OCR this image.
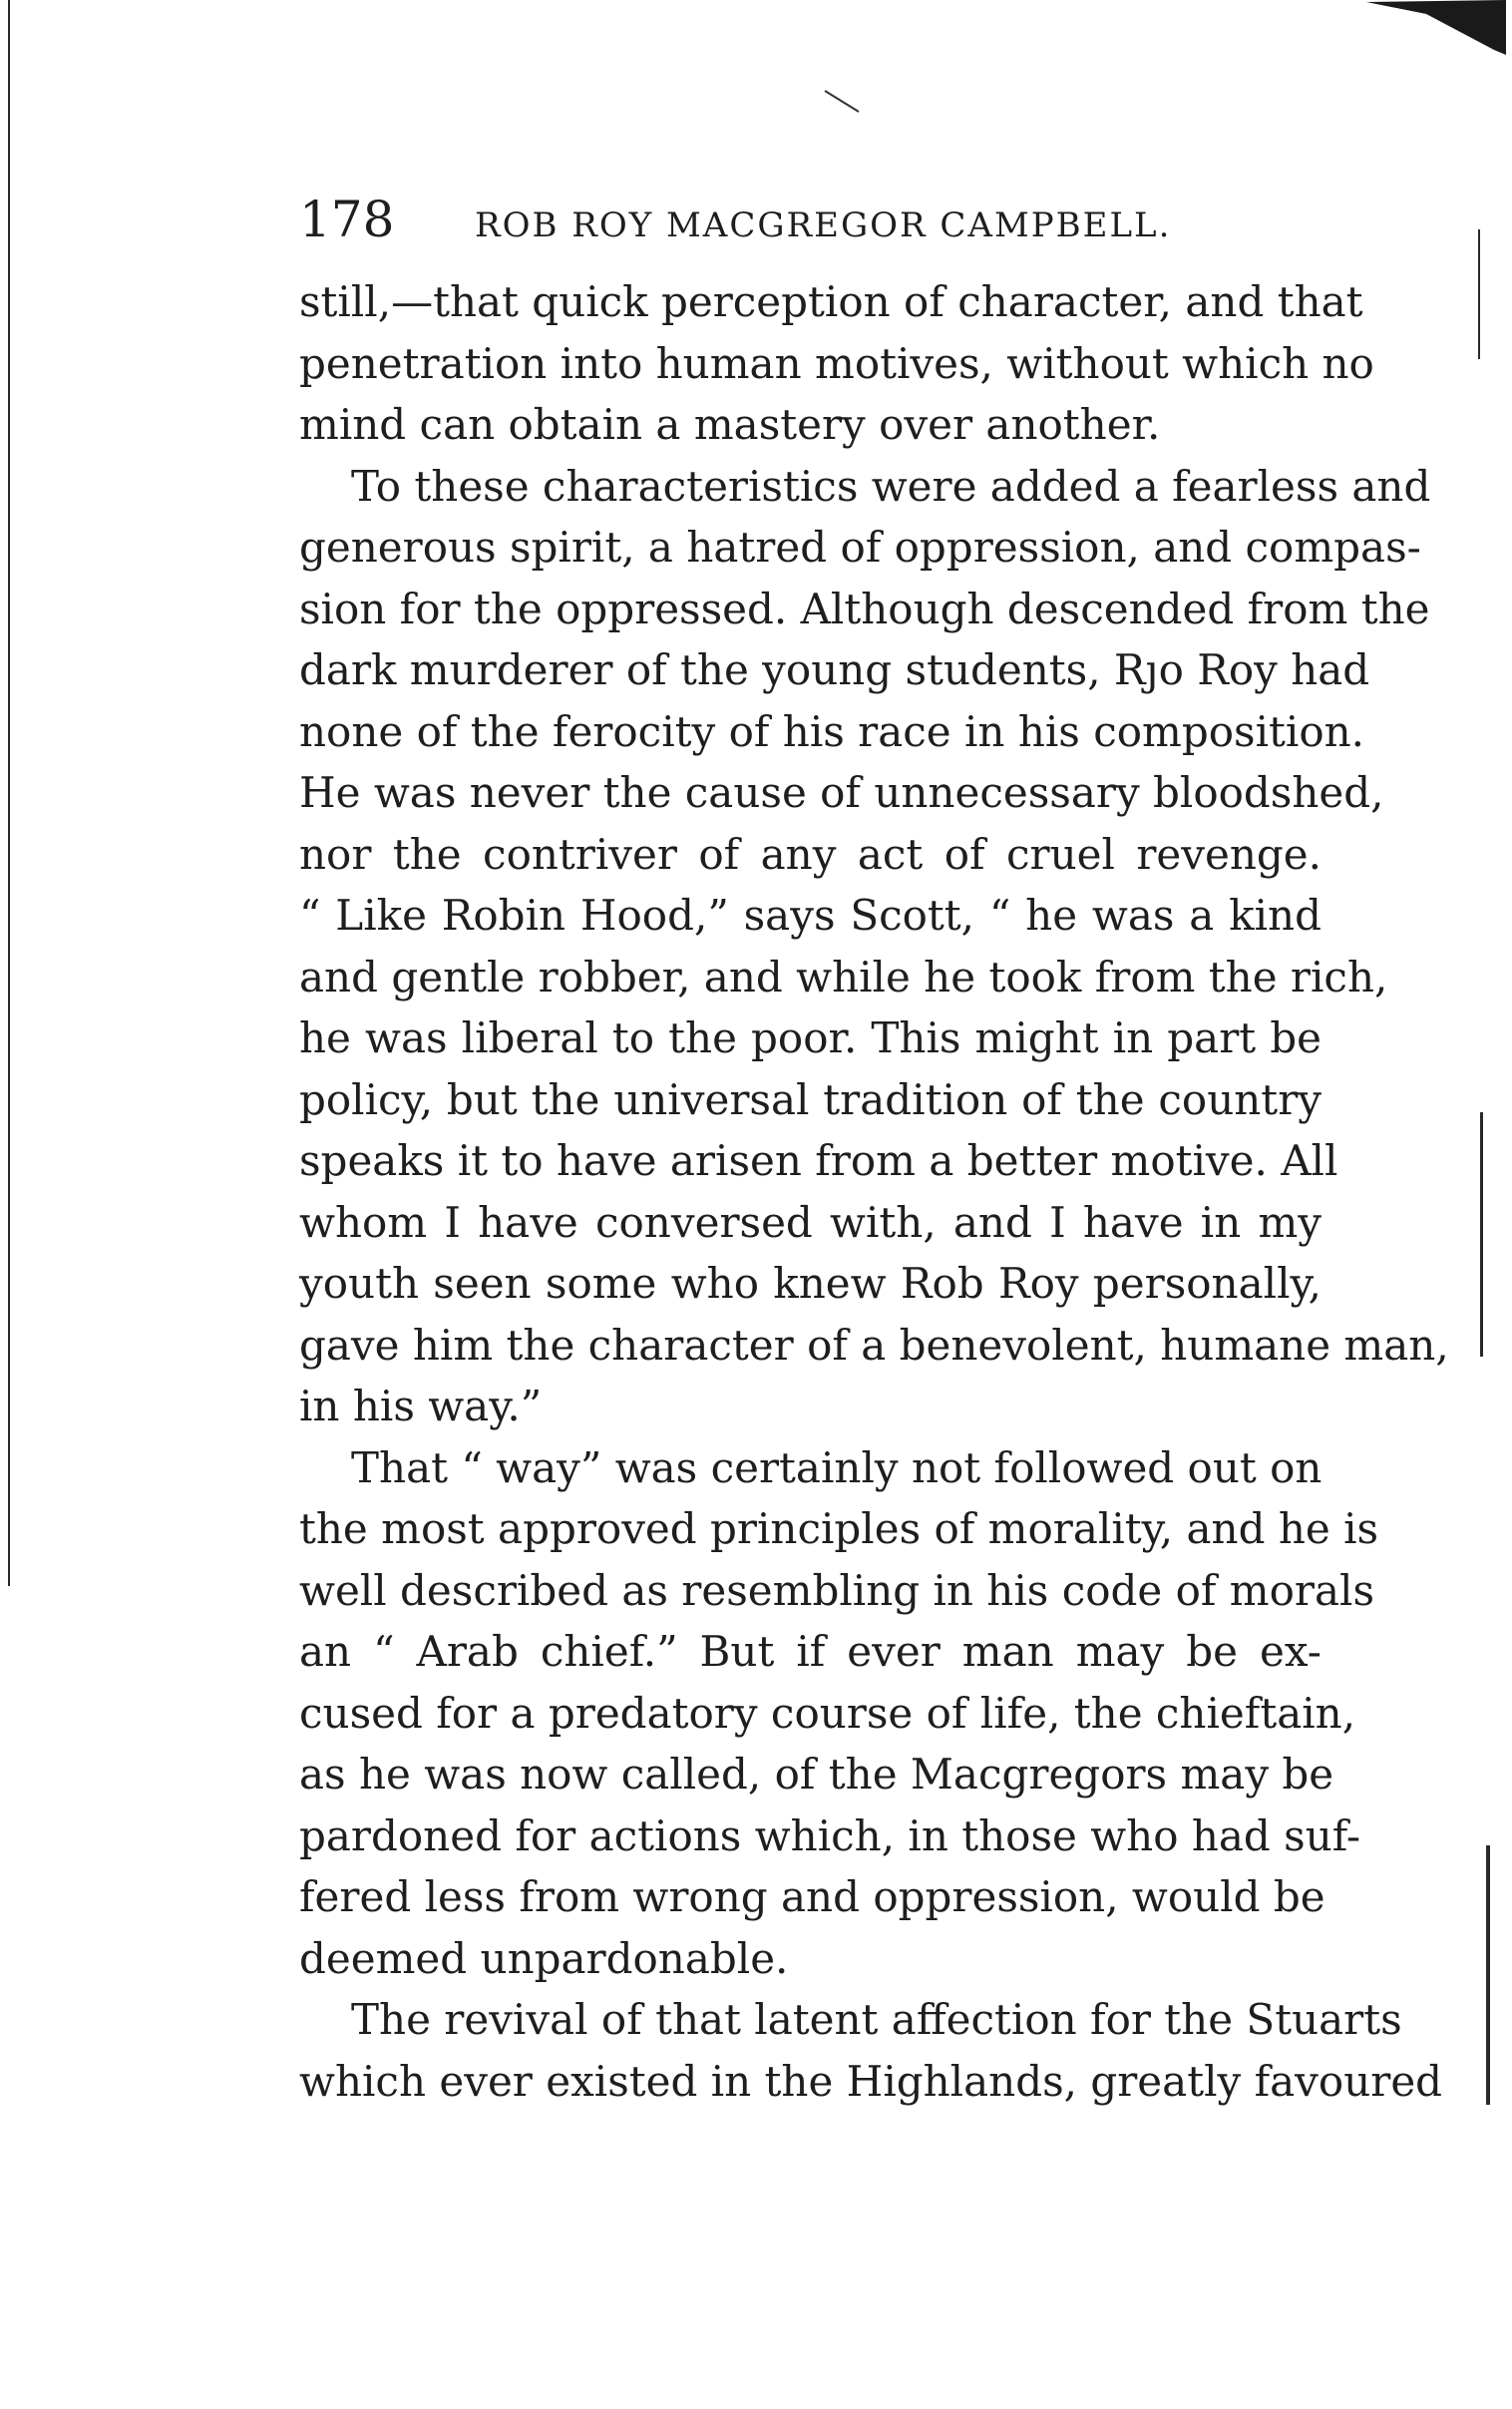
178 ROB ROY MACGREGOR CAMPBELL.
still,—that quick perception of character, and that
penetration into human motives, without which no
mind can obtain a mastery over another.
To these characteristics were added a fearless and
generous spirit, a hatred of oppression, and compas-
sion for the oppressed. Although descended from the
dark murderer of the young students, Rȷo Roy had
none of the ferocity of his race in his composition.
He was never the cause of unnecessary bloodshed,
nor the contriver of any act of cruel revenge.
“ Like Robin Hood,” says Scott, “ he was a kind
and gentle robber, and while he took from the rich,
he was liberal to the poor. This might in part be
policy, but the universal tradition of the country
speaks it to have arisen from a better motive. All
whom I have conversed with, and I have in my
youth seen some who knew Rob Roy personally,
gave him the character of a benevolent, humane man,
in his way.”
That “ way” was certainly not followed out on
the most approved principles of morality, and he is
well described as resembling in his code of morals
an “ Arab chief.” But if ever man may be ex-
cused for a predatory course of life, the chieftain,
as he was now called, of the Macgregors may be
pardoned for actions which, in those who had suf-
fered less from wrong and oppression, would be
deemed unpardonable.
The revival of that latent affection for the Stuarts
which ever existed in the Highlands, greatly favoured
